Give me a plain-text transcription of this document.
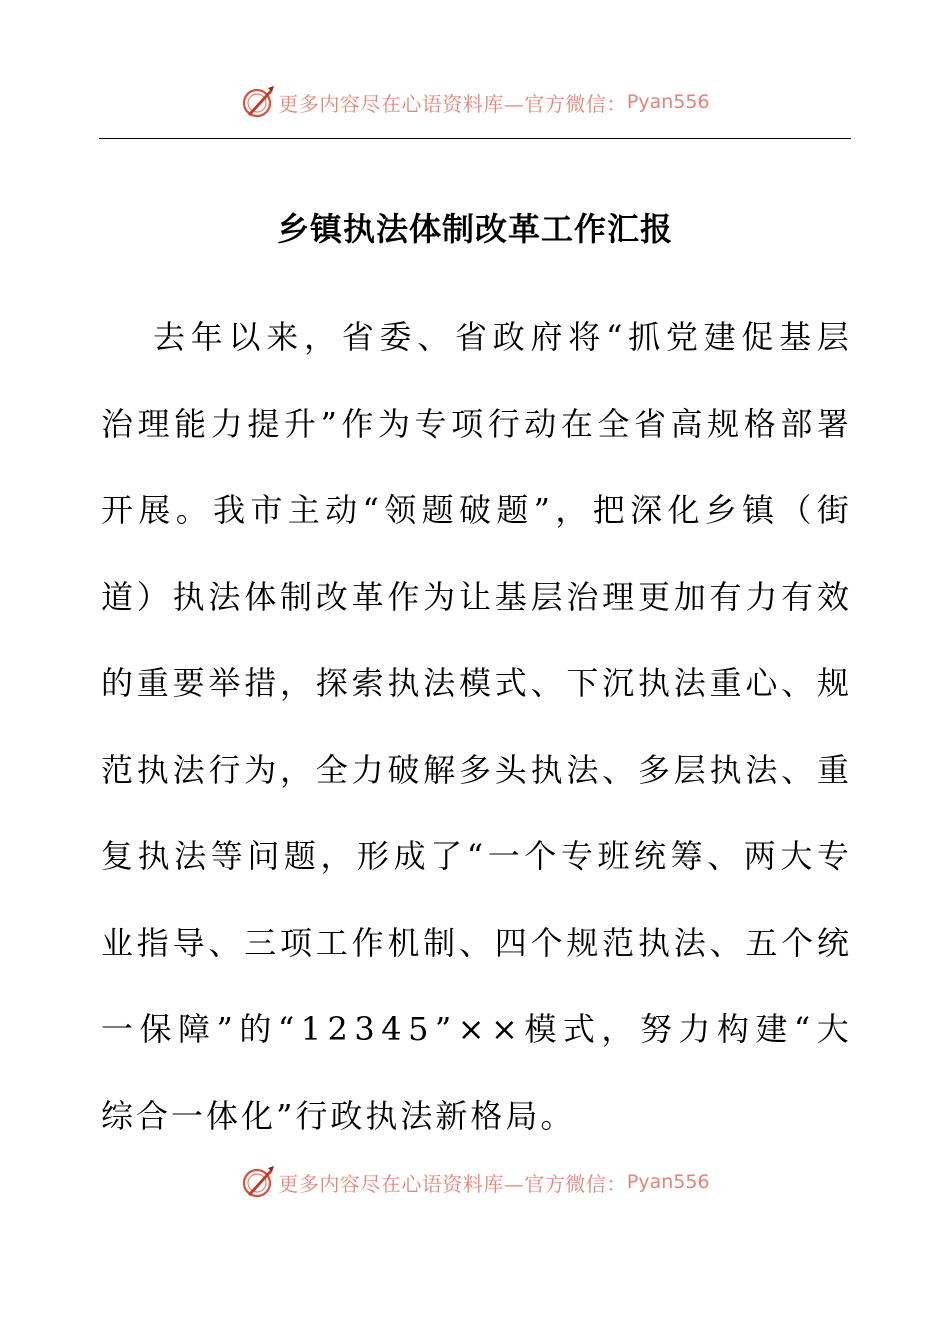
更多内容尽在心语资料库—官方微信： Pyan556
乡镇执法体制改革工作汇报
去 年 以 来 ， 省 委 、 省 政 府 将 “ 抓 党 建 促 基 层
治 理 能 力 提 升 ” 作 为 专 项 行 动 在 全 省 高 规 格 部 署
开 展 。 我 市 主 动 “ 领 题 破 题 ” ， 把 深 化 乡 镇 （ 街
道 ） 执 法 体 制 改 革 作 为 让 基 层 治 理 更 加 有 力 有 效
的 重 要 举 措 ， 探 索 执 法 模 式 、 下 沉 执 法 重 心 、 规
范 执 法 行 为 ， 全 力 破 解 多 头 执 法 、 多 层 执 法 、 重
复 执 法 等 问 题 ， 形 成 了 “ 一 个 专 班 统 筹 、 两 大 专
业 指 导 、 三 项 工 作 机 制 、 四 个 规 范 执 法 、 五 个 统
一 保 障 ” 的 “ 1 2 3 4 5 ” × × 模 式 ， 努 力 构 建 “ 大
综合一体化”行政执法新格局。
更多内容尽在心语资料库—官方微信： Pyan556
